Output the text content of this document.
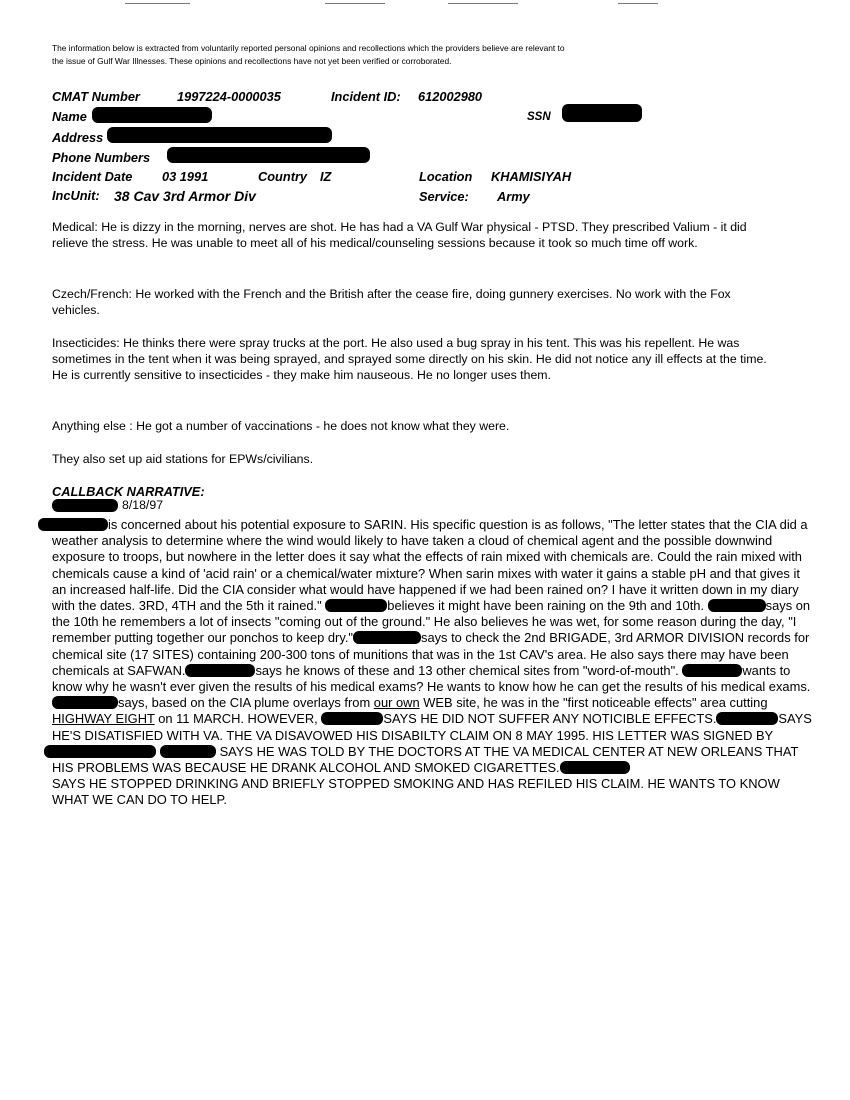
The information below is extracted from voluntarily reported personal opinions and recollections which the providers believe are relevant to the issue of Gulf War Illnesses. These opinions and recollections have not yet been verified or corroborated.
CMAT Number	1997224-0000035	Incident ID: 612002980
Name	SSN
Address
Phone Numbers
Incident Date 03 1991	Country IZ	Location KHAMISIYAH
IncUnit: 38 Cav 3rd Armor Div	Service: Army
Medical: He is dizzy in the morning, nerves are shot. He has had a VA Gulf War physical - PTSD. They prescribed Valium - it did relieve the stress. He was unable to meet all of his medical/counseling sessions because it took so much time off work.
Czech/French: He worked with the French and the British after the cease fire, doing gunnery exercises. No work with the Fox vehicles.
Insecticides: He thinks there were spray trucks at the port. He also used a bug spray in his tent. This was his repellent. He was sometimes in the tent when it was being sprayed, and sprayed some directly on his skin. He did not notice any ill effects at the time. He is currently sensitive to insecticides - they make him nauseous. He no longer uses them.
Anything else : He got a number of vaccinations - he does not know what they were.
They also set up aid stations for EPWs/civilians.
CALLBACK NARRATIVE:
8/18/97
is concerned about his potential exposure to SARIN. His specific question is as follows, "The letter states that the CIA did a weather analysis to determine where the wind would likely to have taken a cloud of chemical agent and the possible downwind exposure to troops, but nowhere in the letter does it say what the effects of rain mixed with chemicals are. Could the rain mixed with chemicals cause a kind of 'acid rain' or a chemical/water mixture? When sarin mixes with water it gains a stable pH and that gives it an increased half-life. Did the CIA consider what would have happened if we had been rained on? I have it written down in my diary with the dates. 3RD, 4TH and the 5th it rained."	believes it might have been raining on the 9th and 10th.	says on the 10th he remembers a lot of insects "coming out of the ground." He also believes he was wet, for some reason during the day, "I remember putting together our ponchos to keep dry."	says to check the 2nd BRIGADE, 3rd ARMOR DIVISION records for chemical site (17 SITES) containing 200-300 tons of munitions that was in the 1st CAV's area. He also says there may have been chemicals at SAFWAN.	says he knows of these and 13 other chemical sites from "word-of-mouth".	wants to know why he wasn't ever given the results of his medical exams? He wants to know how he can get the results of his medical exams.says, based on the CIA plume overlays from our own WEB site, he was in the "first noticeable effects" area cutting HIGHWAY EIGHT on 11 MARCH. HOWEVER,	SAYS HE DID NOT SUFFER ANY NOTICIBLE EFFECTS.	SAYS HE'S DISATISFIED WITH VA. THE VA DISAVOWED HIS DISABILTY CLAIM ON 8 MAY 1995. HIS LETTER WAS SIGNED BY
SAYS HE WAS TOLD BY THE DOCTORS AT THE VA MEDICAL CENTER AT NEW ORLEANS THAT HIS PROBLEMS WAS BECAUSE HE DRANK ALCOHOL AND SMOKED CIGARETTES.
SAYS HE STOPPED DRINKING AND BRIEFLY STOPPED SMOKING AND HAS REFILED HIS CLAIM. HE WANTS TO KNOW WHAT WE CAN DO TO HELP.
